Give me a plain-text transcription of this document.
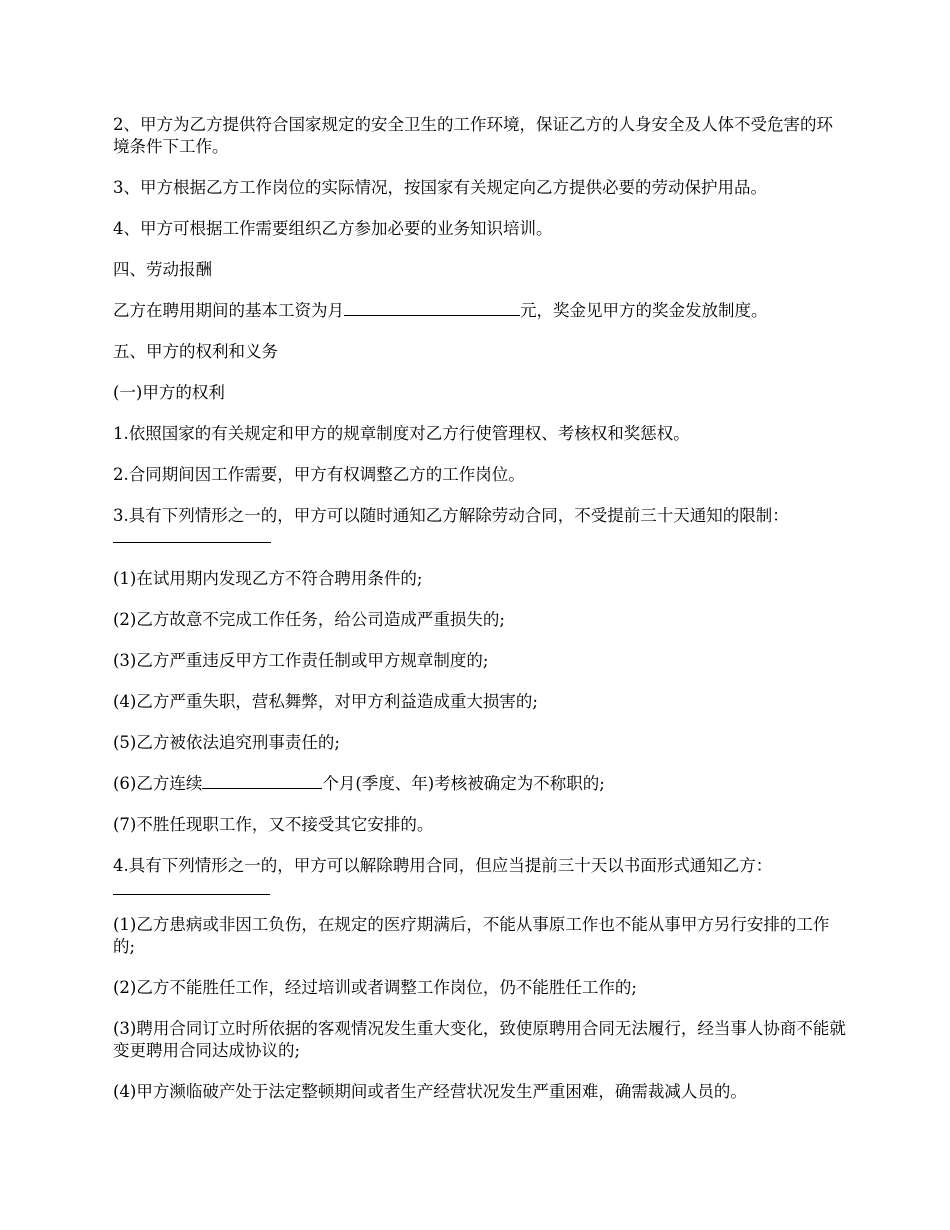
2、甲方为乙方提供符合国家规定的安全卫生的工作环境，保证乙方的人身安全及人体不受危害的环境条件下工作。

3、甲方根据乙方工作岗位的实际情况，按国家有关规定向乙方提供必要的劳动保护用品。

4、甲方可根据工作需要组织乙方参加必要的业务知识培训。

四、劳动报酬

乙方在聘用期间的基本工资为月	元，奖金见甲方的奖金发放制度。

五、甲方的权利和义务

(一)甲方的权利

1.依照国家的有关规定和甲方的规章制度对乙方行使管理权、考核权和奖惩权。

2.合同期间因工作需要，甲方有权调整乙方的工作岗位。

3.具有下列情形之一的，甲方可以随时通知乙方解除劳动合同，不受提前三十天通知的限制：

(1)在试用期内发现乙方不符合聘用条件的;

(2)乙方故意不完成工作任务，给公司造成严重损失的;

(3)乙方严重违反甲方工作责任制或甲方规章制度的;

(4)乙方严重失职，营私舞弊，对甲方利益造成重大损害的;

(5)乙方被依法追究刑事责任的;

(6)乙方连续	个月(季度、年)考核被确定为不称职的;

(7)不胜任现职工作，又不接受其它安排的。

4.具有下列情形之一的，甲方可以解除聘用合同，但应当提前三十天以书面形式通知乙方：

(1)乙方患病或非因工负伤，在规定的医疗期满后，不能从事原工作也不能从事甲方另行安排的工作的;

(2)乙方不能胜任工作，经过培训或者调整工作岗位，仍不能胜任工作的;

(3)聘用合同订立时所依据的客观情况发生重大变化，致使原聘用合同无法履行，经当事人协商不能就变更聘用合同达成协议的;

(4)甲方濒临破产处于法定整顿期间或者生产经营状况发生严重困难，确需裁减人员的。
